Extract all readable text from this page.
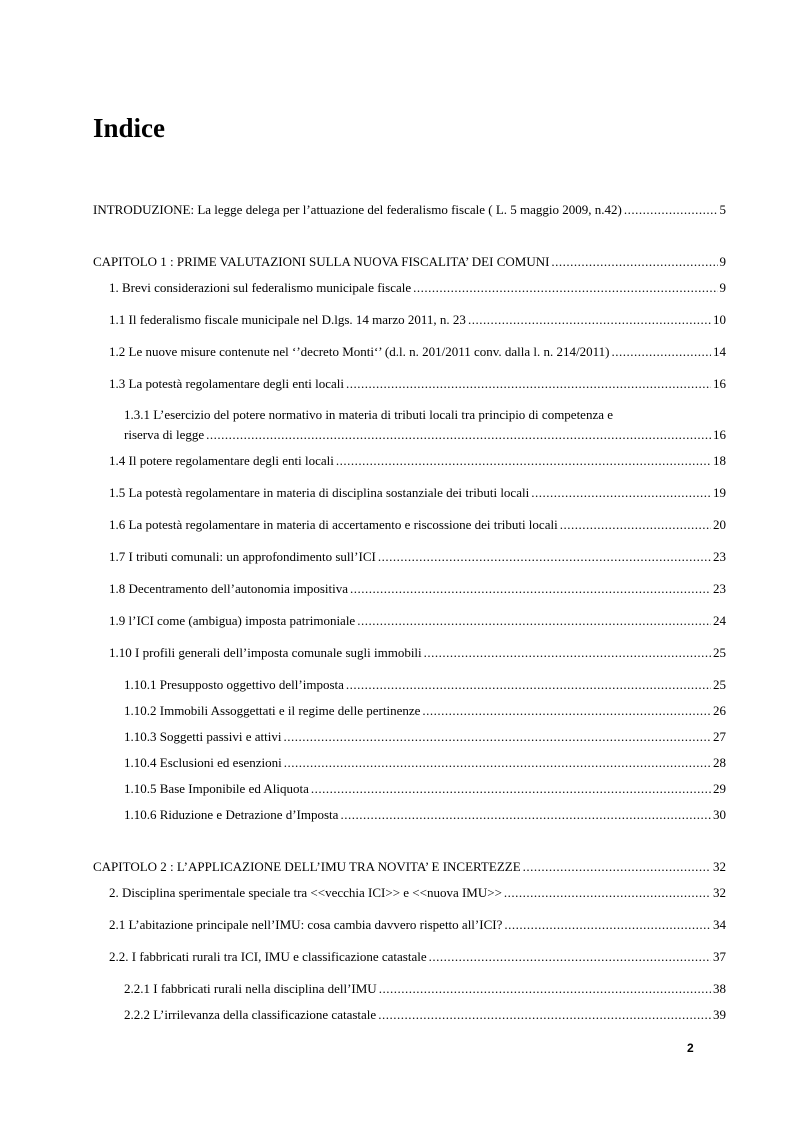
Indice
INTRODUZIONE: La legge delega per l’attuazione del federalismo fiscale ( L. 5 maggio 2009, n.42) .....	5
CAPITOLO 1 : PRIME VALUTAZIONI SULLA NUOVA FISCALITA’ DEI COMUNI .....	9
1. Brevi considerazioni sul federalismo municipale fiscale .....	9
1.1 Il federalismo fiscale municipale nel D.lgs. 14 marzo 2011, n. 23 .....	10
1.2 Le nuove misure contenute nel ‘’decreto Monti‘’ (d.l. n. 201/2011 conv. dalla l. n. 214/2011) .....	14
1.3 La potestà regolamentare degli enti locali .....	16
1.3.1 L’esercizio del potere normativo in materia di tributi locali tra principio di competenza e
riserva di legge .....	16
1.4 Il potere regolamentare degli enti locali .....	18
1.5 La potestà regolamentare in materia di disciplina sostanziale dei tributi locali .....	19
1.6 La potestà regolamentare in materia di accertamento e riscossione dei tributi locali .....	20
1.7 I tributi comunali: un approfondimento sull’ICI .....	23
1.8 Decentramento dell’autonomia impositiva .....	23
1.9 l’ICI come (ambigua) imposta patrimoniale .....	24
1.10 I profili generali dell’imposta comunale sugli immobili .....	25
1.10.1 Presupposto oggettivo dell’imposta .....	25
1.10.2 Immobili Assoggettati e il regime delle pertinenze .....	26
1.10.3 Soggetti passivi e attivi .....	27
1.10.4 Esclusioni ed esenzioni .....	28
1.10.5 Base Imponibile ed Aliquota .....	29
1.10.6 Riduzione e Detrazione d’Imposta .....	30
CAPITOLO 2 : L’APPLICAZIONE DELL’IMU TRA NOVITA’ E INCERTEZZE .....	32
2. Disciplina sperimentale speciale tra <<vecchia ICI>> e <<nuova IMU>> .....	32
2.1 L’abitazione principale nell’IMU: cosa cambia davvero rispetto all’ICI? .....	34
2.2. I fabbricati rurali tra ICI, IMU e classificazione catastale .....	37
2.2.1 I fabbricati rurali nella disciplina dell’IMU .....	38
2.2.2 L’irrilevanza della classificazione catastale .....	39
2
